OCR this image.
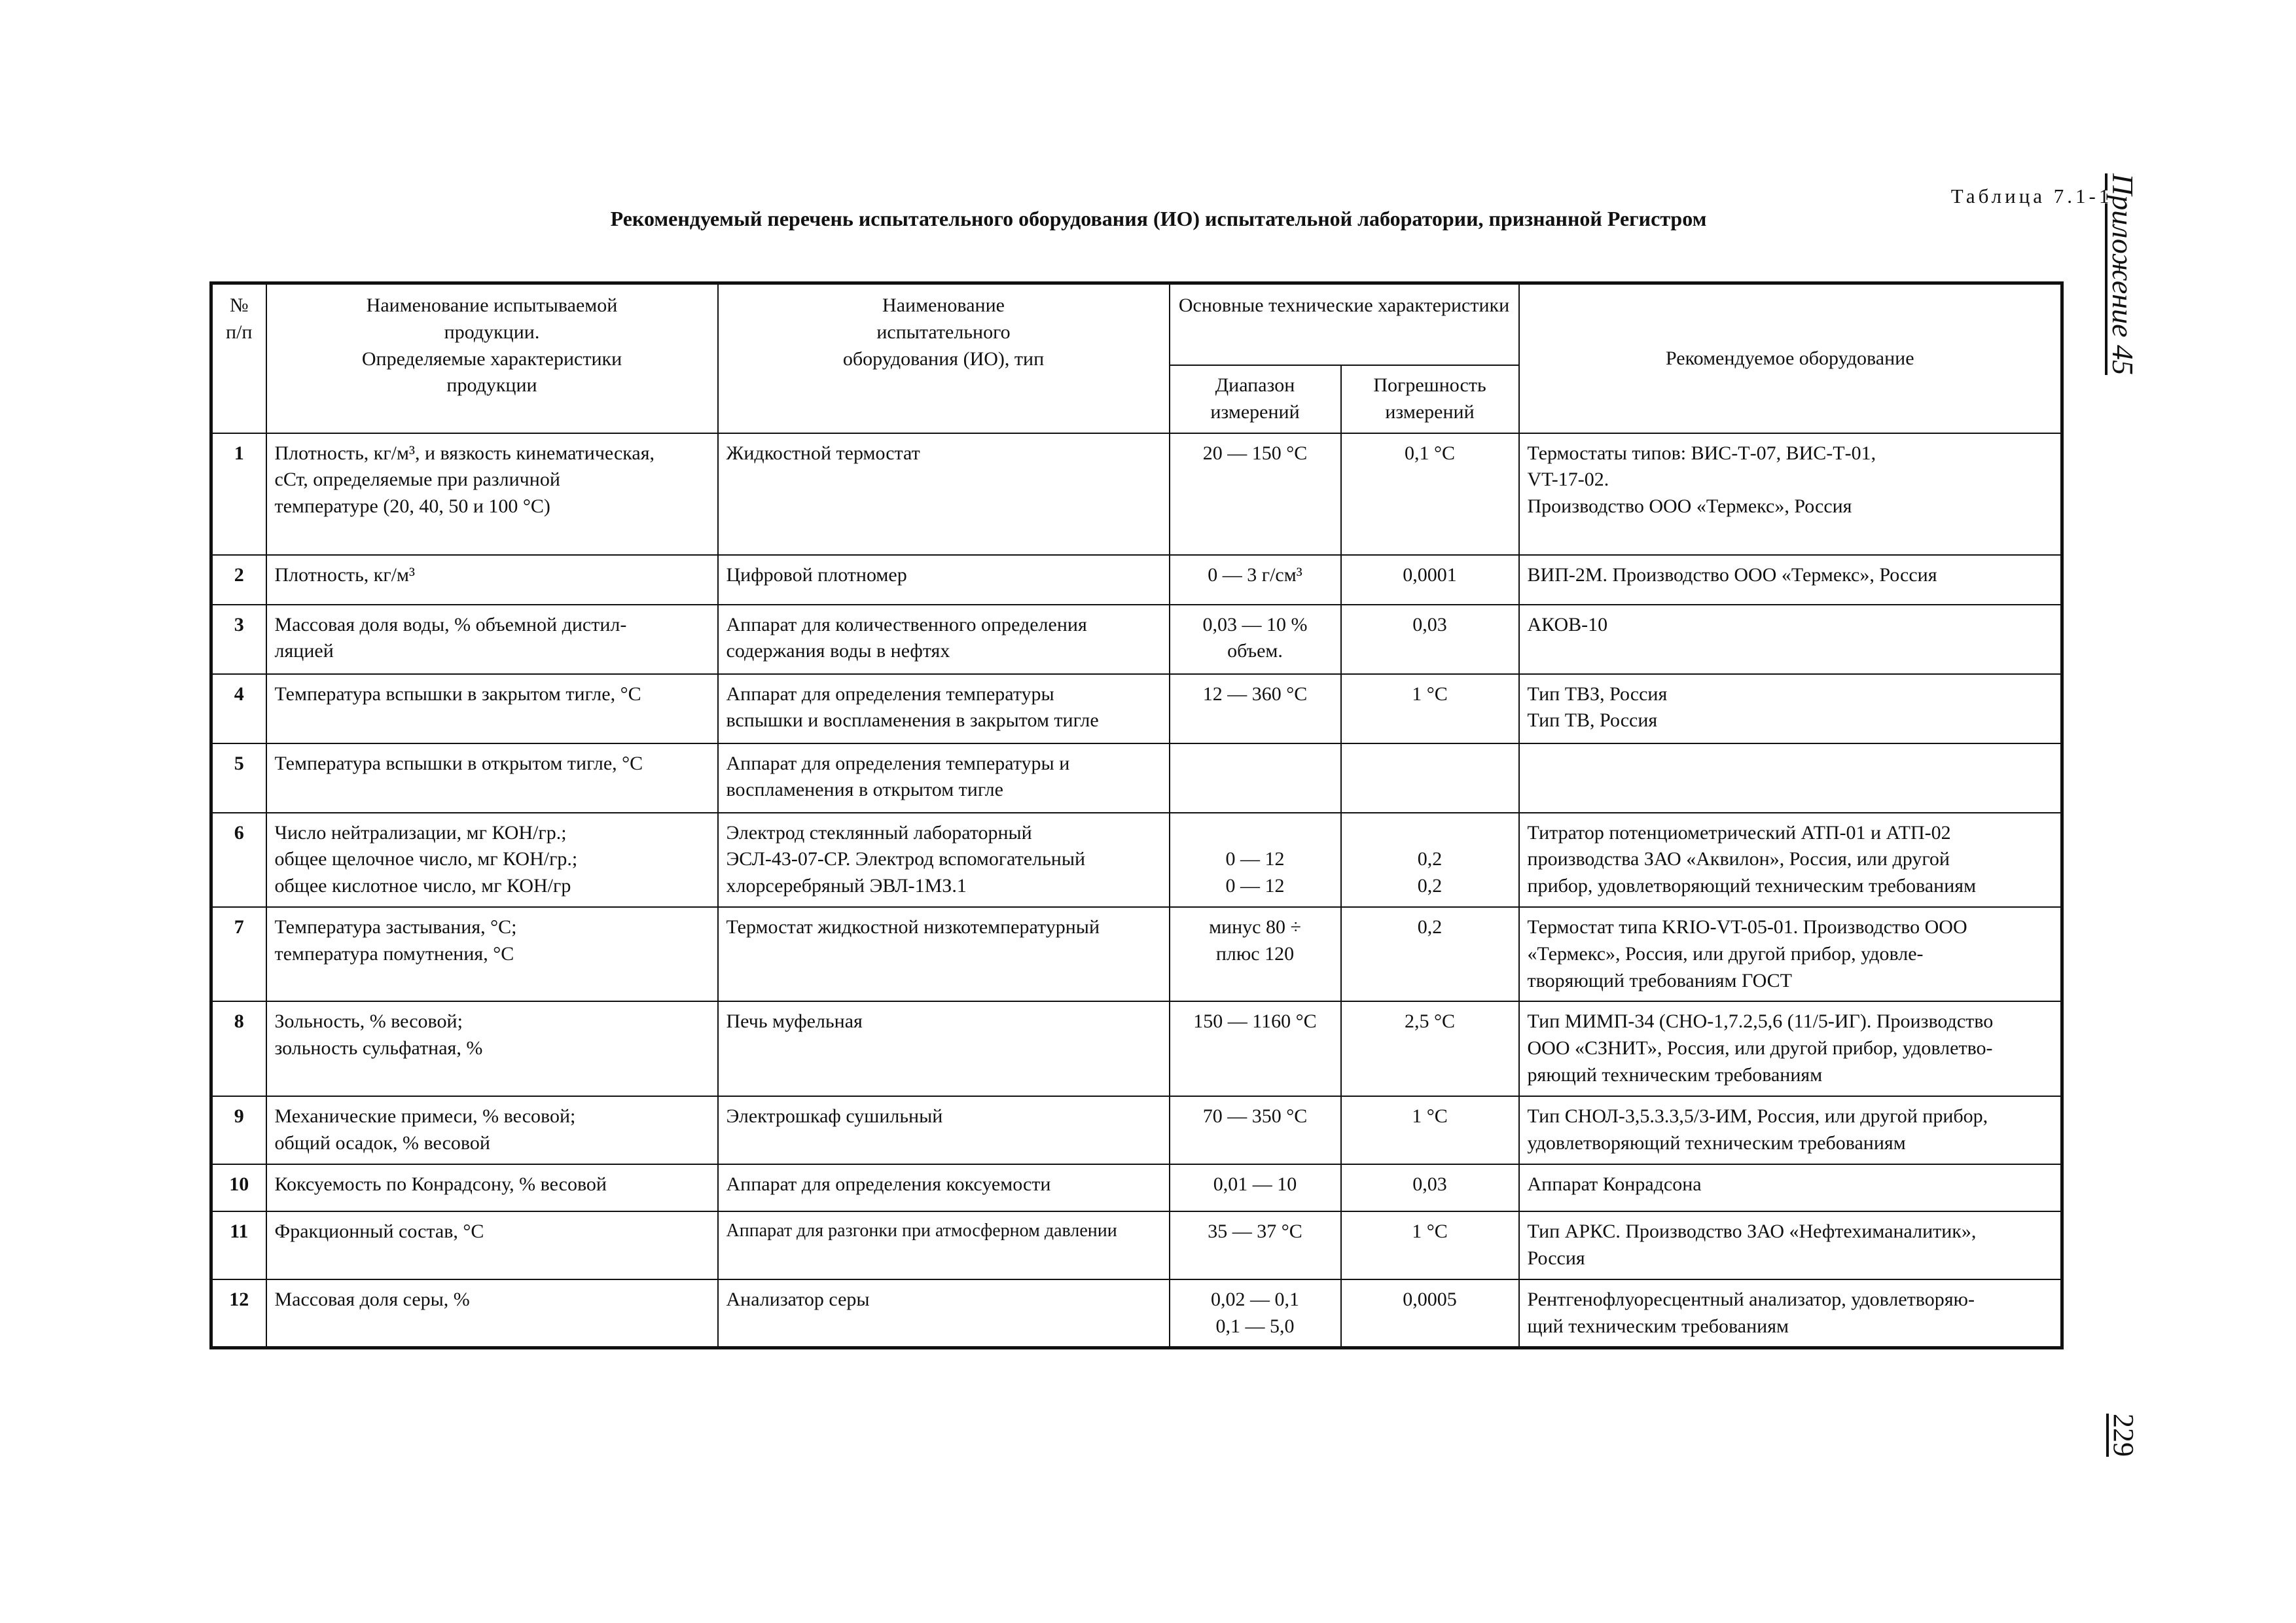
Таблица 7.1-1
Рекомендуемый перечень испытательного оборудования (ИО) испытательной лаборатории, признанной Регистром	Приложение 45
229
№ п/п	Наименование испытываемой
продукции.
Определяемые характеристики
продукции	Наименование
испытательного
оборудования (ИО), тип	Основные технические характеристики		Рекомендуемое оборудование
			Диапазон измерений	Погрешность измерений	
1	Плотность, кг/м³, и вязкость кинематическая,
сСт, определяемые при различной
температуре (20, 40, 50 и 100 °С)	Жидкостной термостат	20 — 150 °С	0,1 °С	Термостаты типов: ВИС-Т-07, ВИС-Т-01,
VT-17-02.
Производство ООО «Термекс», Россия

2	Плотность, кг/м³	Цифровой плотномер	0 — 3 г/см³	0,0001	ВИП-2М. Производство ООО «Термекс», Россия

3	Массовая доля воды, % объемной дистил-
ляцией	Аппарат для количественного определения
содержания воды в нефтях	0,03 — 10 %
объем.	0,03	АКОВ-10

4	Температура вспышки в закрытом тигле, °С	Аппарат для определения температуры
вспышки и воспламенения в закрытом тигле	12 — 360 °С	1 °С	Тип ТВЗ, Россия
Тип ТВ, Россия

5	Температура вспышки в открытом тигле, °С	Аппарат для определения температуры и
воспламенения в открытом тигле			

6	Число нейтрализации, мг КОН/гр.;
общее щелочное число, мг КОН/гр.;
общее кислотное число, мг КОН/гр	Электрод стеклянный лабораторный
ЭСЛ-43-07-СР. Электрод вспомогательный
хлорсеребряный ЭВЛ-1МЗ.1	0 — 12
0 — 12	0,2
0,2	Титратор потенциометрический АТП-01 и АТП-02
производства ЗАО «Аквилон», Россия, или другой
прибор, удовлетворяющий техническим требованиям

7	Температура застывания, °С;
температура помутнения, °С	Термостат жидкостной низкотемпературный	минус 80 ÷
плюс 120	0,2	Термостат типа KRIO-VT-05-01. Производство ООО
«Термекс», Россия, или другой прибор, удовле-
творяющий требованиям ГОСТ

8	Зольность, % весовой;
зольность сульфатная, %	Печь муфельная	150 — 1160 °С	2,5 °С	Тип МИМП-34 (СНО-1,7.2,5,6 (11/5-ИГ). Производство
ООО «СЗНИТ», Россия, или другой прибор, удовлетво-
ряющий техническим требованиям

9	Механические примеси, % весовой;
общий осадок, % весовой	Электрошкаф сушильный	70 — 350 °С	1 °С	Тип СНОЛ-3,5.3.3,5/3-ИМ, Россия, или другой прибор,
удовлетворяющий техническим требованиям

10	Коксуемость по Конрадсону, % весовой	Аппарат для определения коксуемости	0,01 — 10	0,03	Аппарат Конрадсона

11	Фракционный состав, °С	Аппарат для разгонки при атмосферном давлении	35 — 37 °С	1 °С	Тип АРКС. Производство ЗАО «Нефтехиманалитик»,
Россия

12	Массовая доля серы, %	Анализатор серы	0,02 — 0,1
0,1 — 5,0	0,0005	Рентгенофлуоресцентный анализатор, удовлетворяю-
щий техническим требованиям
